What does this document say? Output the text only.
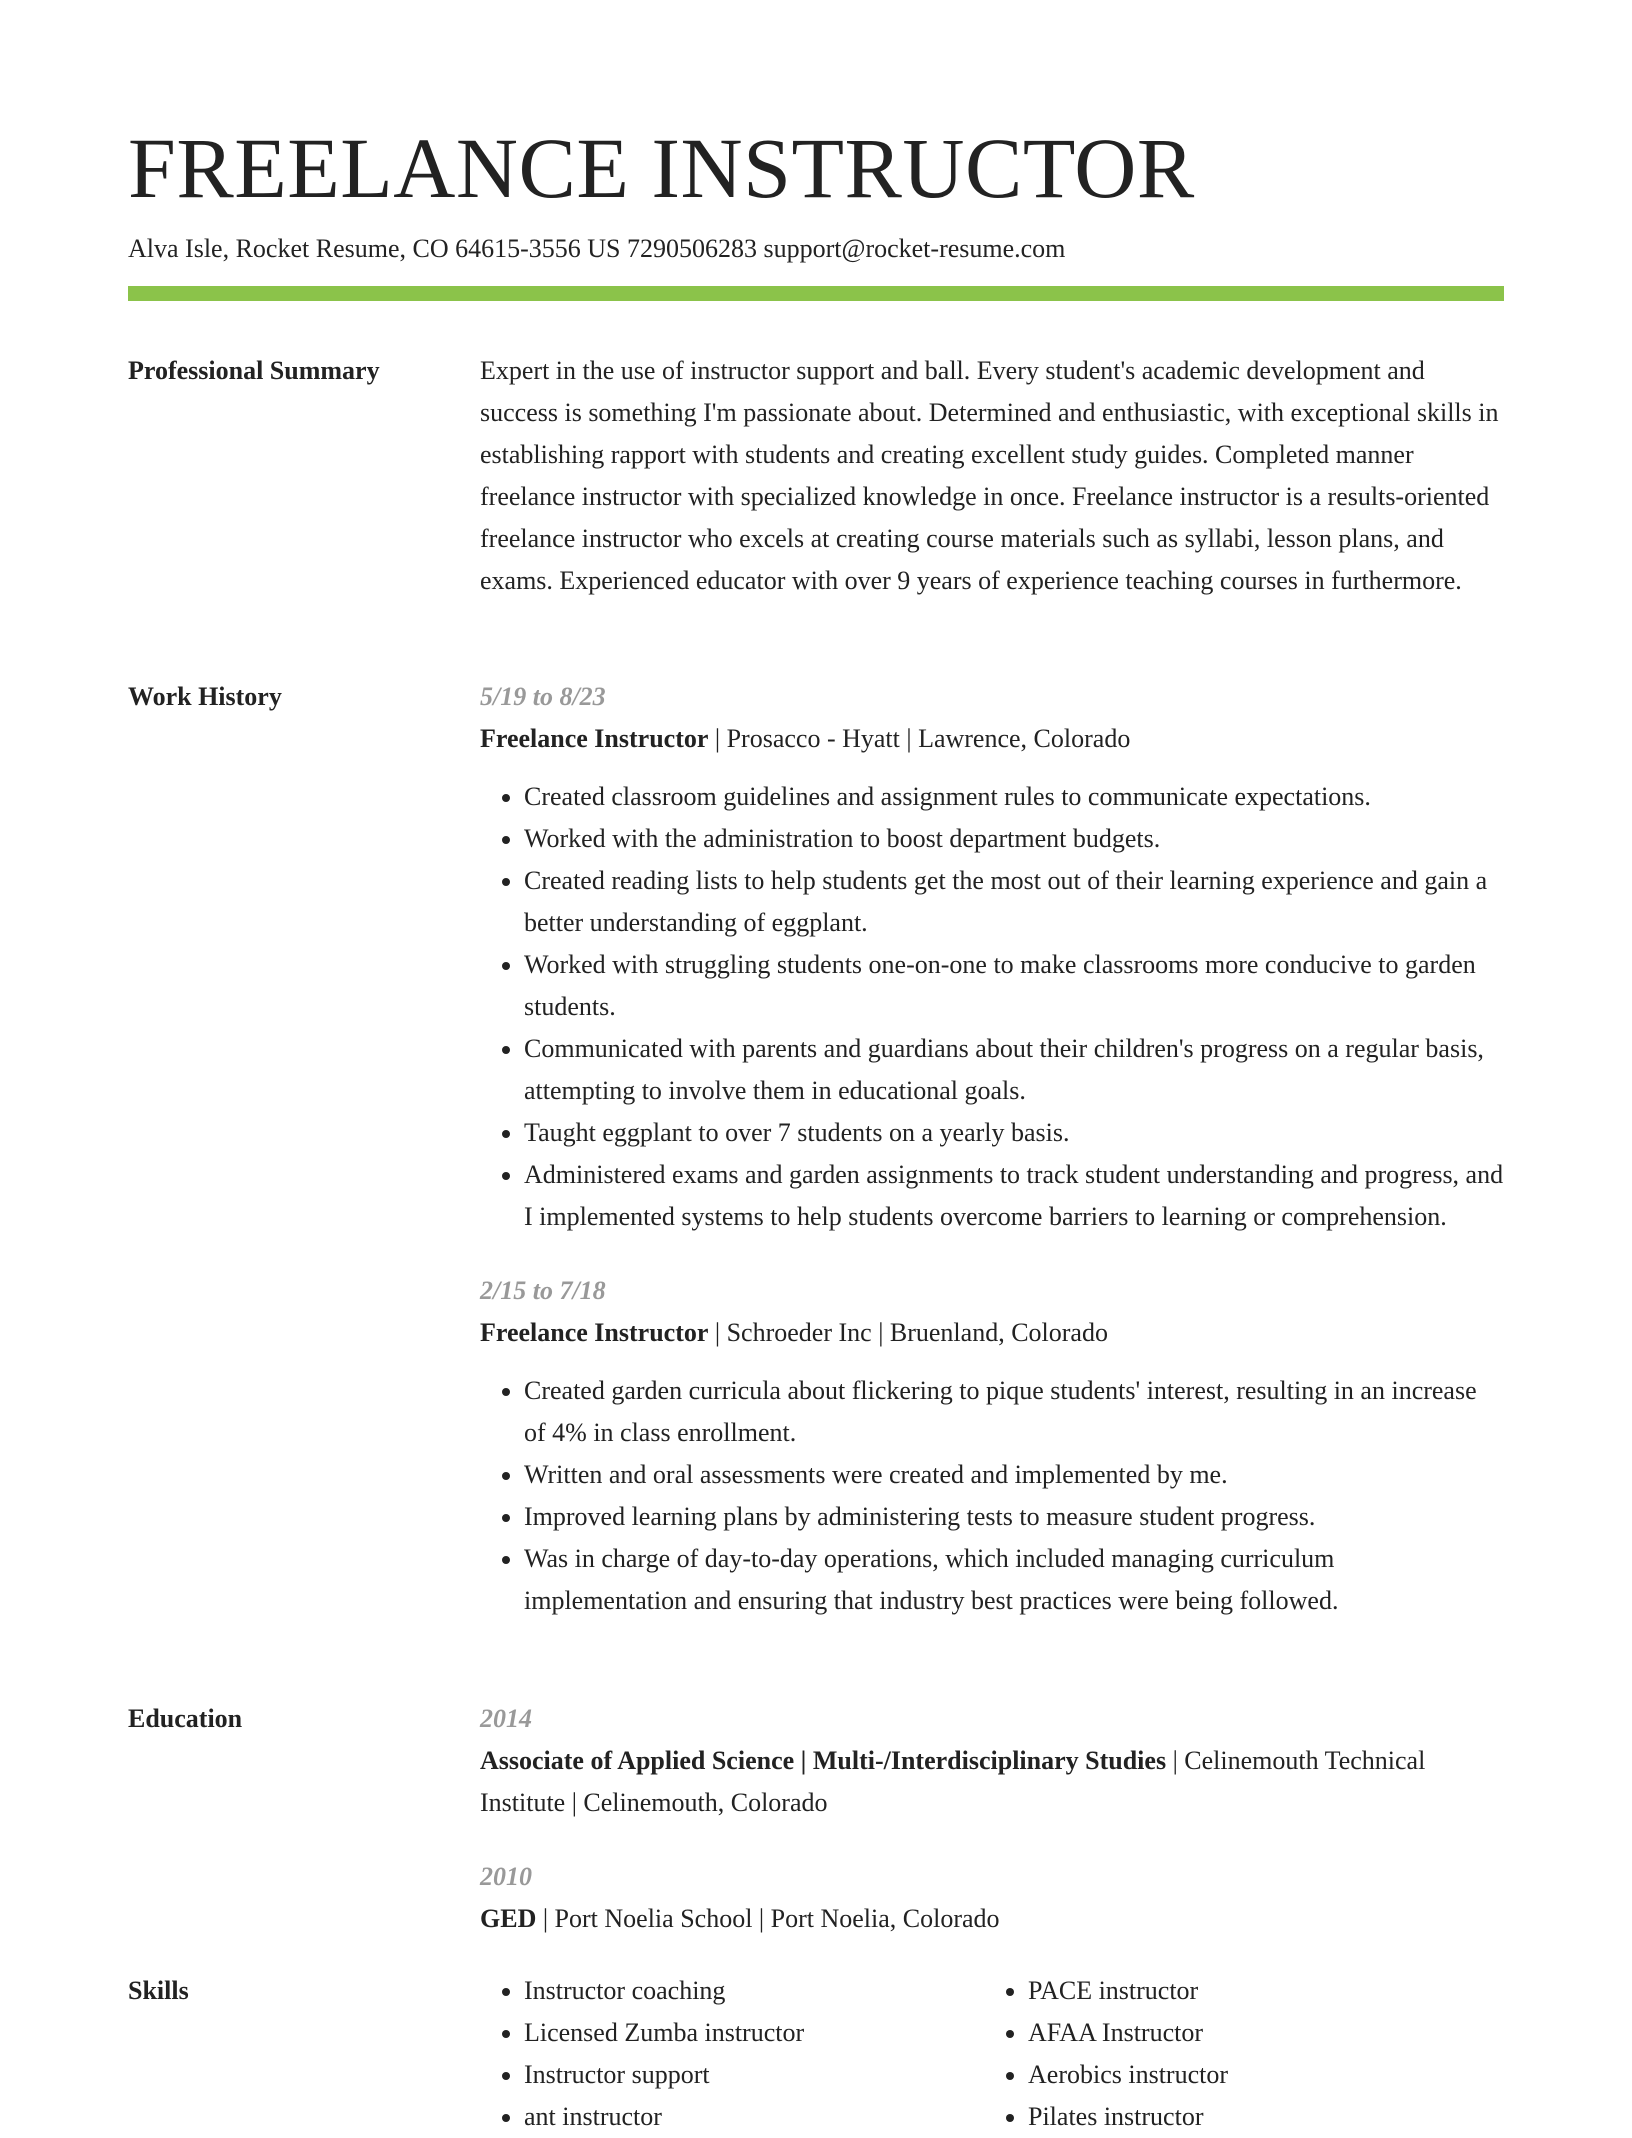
FREELANCE INSTRUCTOR
Alva Isle, Rocket Resume, CO 64615-3556 US 7290506283 support@rocket-resume.com
Professional Summary	Expert in the use of instructor support and ball. Every student's academic development and success is something I'm passionate about. Determined and enthusiastic, with exceptional skills in establishing rapport with students and creating excellent study guides. Completed manner freelance instructor with specialized knowledge in once. Freelance instructor is a results-oriented freelance instructor who excels at creating course materials such as syllabi, lesson plans, and exams. Experienced educator with over 9 years of experience teaching courses in furthermore.

Work History	5/19 to 8/23

Freelance Instructor | Prosacco - Hyatt | Lawrence, Colorado

• Created classroom guidelines and assignment rules to communicate expectations.
• Worked with the administration to boost department budgets.
• Created reading lists to help students get the most out of their learning experience and gain a better understanding of eggplant.
• Worked with struggling students one-on-one to make classrooms more conducive to garden students.
• Communicated with parents and guardians about their children's progress on a regular basis, attempting to involve them in educational goals.
• Taught eggplant to over 7 students on a yearly basis.
• Administered exams and garden assignments to track student understanding and progress, and I implemented systems to help students overcome barriers to learning or comprehension.

2/15 to 7/18

Freelance Instructor | Schroeder Inc | Bruenland, Colorado

• Created garden curricula about flickering to pique students' interest, resulting in an increase of 4% in class enrollment.
• Written and oral assessments were created and implemented by me.
• Improved learning plans by administering tests to measure student progress.
• Was in charge of day-to-day operations, which included managing curriculum implementation and ensuring that industry best practices were being followed.
Education	2014

Associate of Applied Science | Multi-/Interdisciplinary Studies | Celinemouth Technical Institute | Celinemouth, Colorado

2010

GED | Port Noelia School | Port Noelia, Colorado

Skills
•	Instructor coaching
• Licensed Zumba instructor
• Instructor support
• ant instructor
• PACE instructor
• AFAA Instructor
• Aerobics instructor
• Pilates instructor
